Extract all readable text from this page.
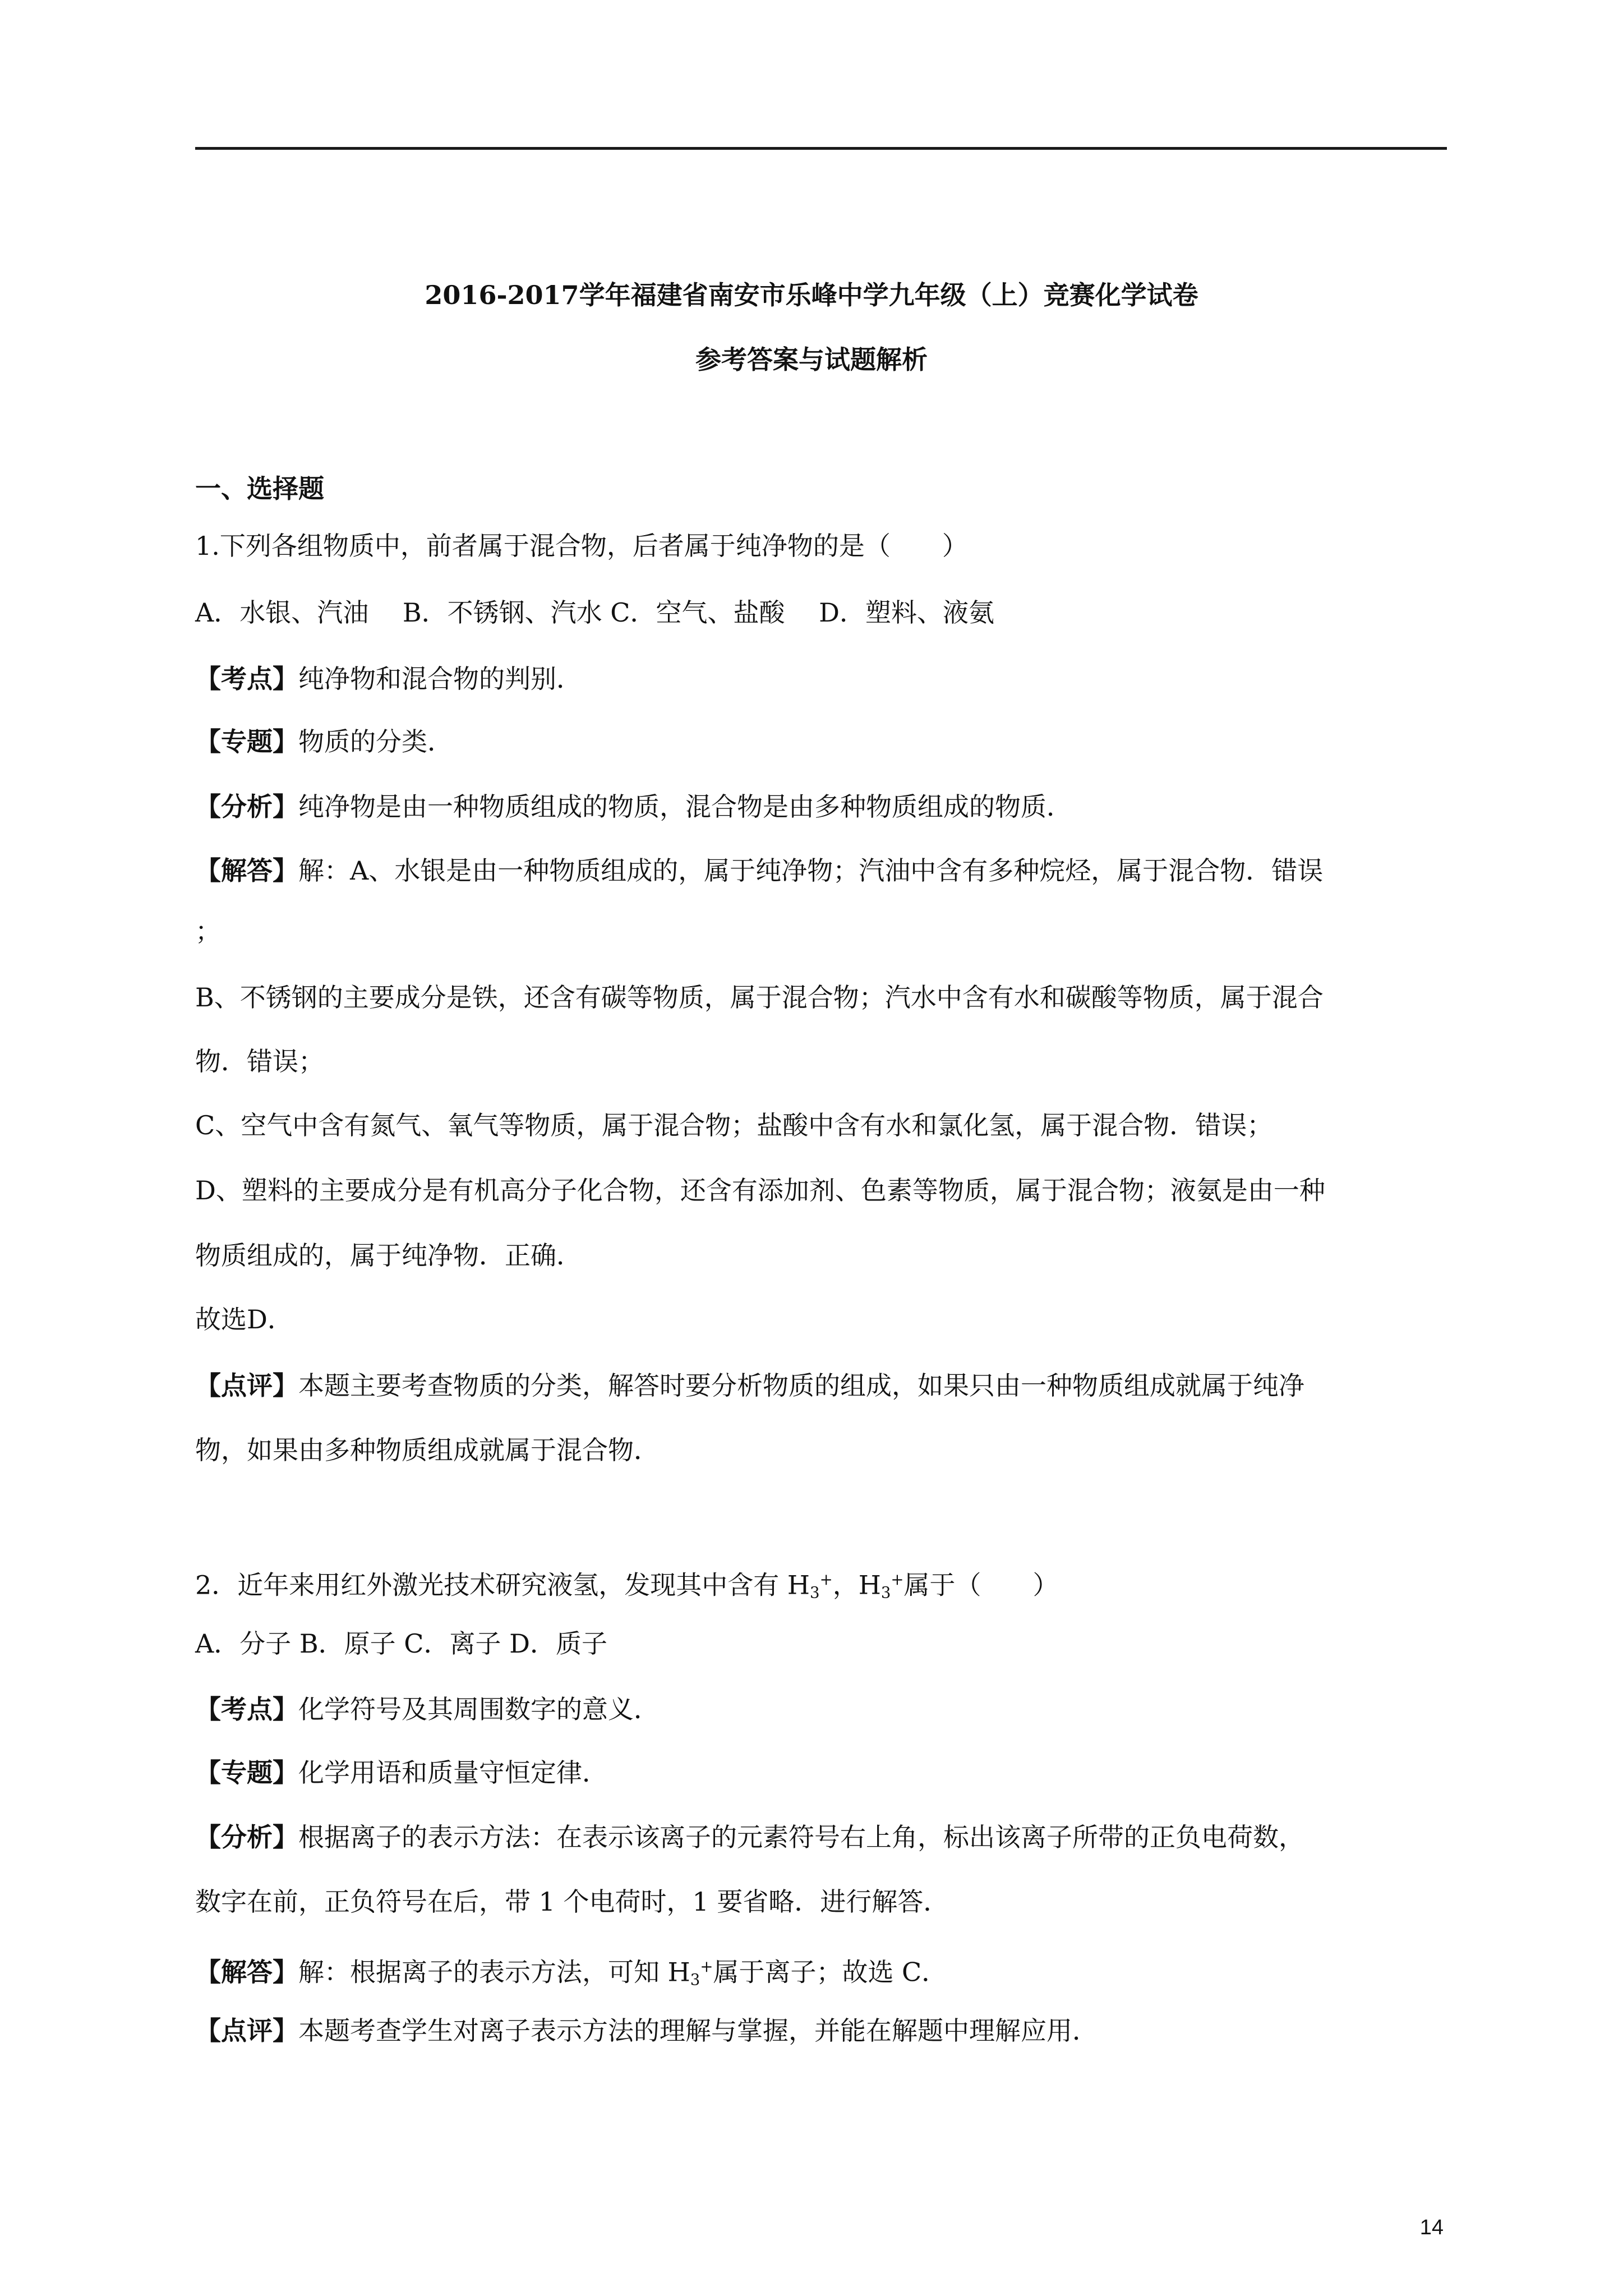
2016-2017学年福建省南安市乐峰中学九年级（上）竞赛化学试卷
参考答案与试题解析
一、选择题
1.下列各组物质中，前者属于混合物，后者属于纯净物的是（　　）
A．水银、汽油　 B．不锈钢、汽水 C．空气、盐酸　 D．塑料、液氨
【考点】纯净物和混合物的判别．
【专题】物质的分类．
【分析】纯净物是由一种物质组成的物质，混合物是由多种物质组成的物质．
【解答】解：A、水银是由一种物质组成的，属于纯净物；汽油中含有多种烷烃，属于混合物．错误
；
B、不锈钢的主要成分是铁，还含有碳等物质，属于混合物；汽水中含有水和碳酸等物质，属于混合
物．错误；
C、空气中含有氮气、氧气等物质，属于混合物；盐酸中含有水和氯化氢，属于混合物．错误；
D、塑料的主要成分是有机高分子化合物，还含有添加剂、色素等物质，属于混合物；液氨是由一种
物质组成的，属于纯净物．正确．
故选D．
【点评】本题主要考查物质的分类，解答时要分析物质的组成，如果只由一种物质组成就属于纯净
物，如果由多种物质组成就属于混合物．
2．近年来用红外激光技术研究液氢，发现其中含有 $H_3^+$，$H_3^+$属于（　　）
A．分子 B．原子 C．离子 D．质子
【考点】化学符号及其周围数字的意义．
【专题】化学用语和质量守恒定律．
【分析】根据离子的表示方法：在表示该离子的元素符号右上角，标出该离子所带的正负电荷数，
数字在前，正负符号在后，带 1 个电荷时，1 要省略．进行解答．
【解答】解：根据离子的表示方法，可知 $H_3^+$属于离子；故选 C．
【点评】本题考查学生对离子表示方法的理解与掌握，并能在解题中理解应用．
14
